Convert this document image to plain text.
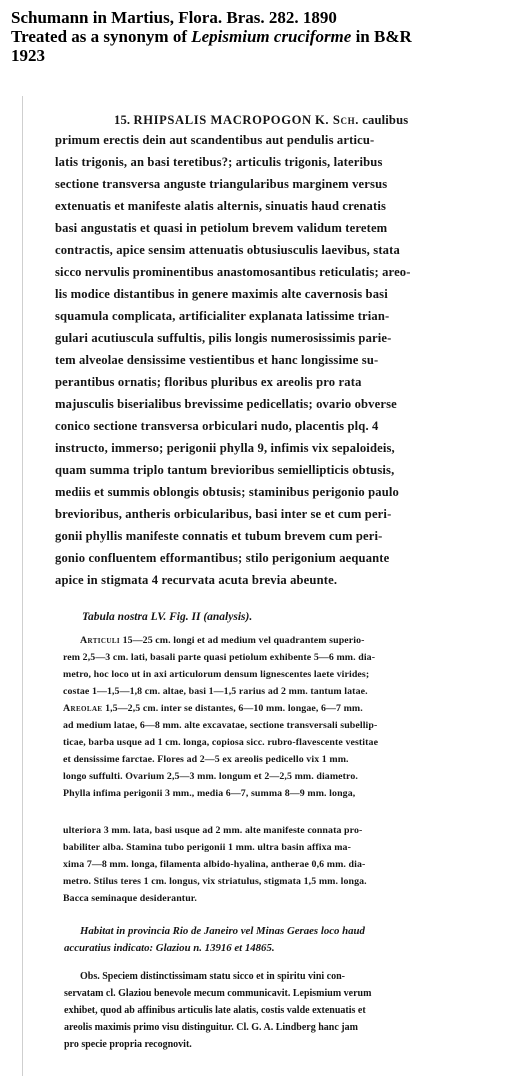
Schumann in Martius, Flora. Bras. 282. 1890
Treated as a synonym of Lepismium cruciforme in B&R
1923
15. RHIPSALIS MACROPOGON K. Sch. caulibus
primum erectis dein aut scandentibus aut pendulis articu-
latis trigonis, an basi teretibus?; articulis trigonis, lateribus
sectione transversa anguste triangularibus marginem versus
extenuatis et manifeste alatis alternis, sinuatis haud crenatis
basi angustatis et quasi in petiolum brevem validum teretem
contractis, apice sensim attenuatis obtusiusculis laevibus, stata
sicco nervulis prominentibus anastomosantibus reticulatis; areo-
lis modice distantibus in genere maximis alte cavernosis basi
squamula complicata, artificialiter explanata latissime trian-
gulari acutiuscula suffultis, pilis longis numerosissimis parie-
tem alveolae densissime vestientibus et hanc longissime su-
perantibus ornatis; floribus pluribus ex areolis pro rata
majusculis biserialibus brevissime pedicellatis; ovario obverse
conico sectione transversa orbiculari nudo, placentis plq. 4
instructo, immerso; perigonii phylla 9, infimis vix sepaloideis,
quam summa triplo tantum brevioribus semiellipticis obtusis,
mediis et summis oblongis obtusis; staminibus perigonio paulo
brevioribus, antheris orbicularibus, basi inter se et cum peri-
gonii phyllis manifeste connatis et tubum brevem cum peri-
gonio confluentem efformantibus; stilo perigonium aequante
apice in stigmata 4 recurvata acuta brevia abeunte.
Tabula nostra LV. Fig. II (analysis).
Articuli 15—25 cm. longi et ad medium vel quadrantem superio-
rem 2,5—3 cm. lati, basali parte quasi petiolum exhibente 5—6 mm. dia-
metro, hoc loco ut in axi articulorum densum lignescentes laete virides;
costae 1—1,5—1,8 cm. altae, basi 1—1,5 rarius ad 2 mm. tantum latae.
Areolae 1,5—2,5 cm. inter se distantes, 6—10 mm. longae, 6—7 mm.
ad medium latae, 6—8 mm. alte excavatae, sectione transversali subellip-
ticae, barba usque ad 1 cm. longa, copiosa sicc. rubro-flavescente vestitae
et densissime farctae. Flores ad 2—5 ex areolis pedicello vix 1 mm.
longo suffulti. Ovarium 2,5—3 mm. longum et 2—2,5 mm. diametro.
Phylla infima perigonii 3 mm., media 6—7, summa 8—9 mm. longa,
ulteriora 3 mm. lata, basi usque ad 2 mm. alte manifeste connata pro-
babiliter alba. Stamina tubo perigonii 1 mm. ultra basin affixa ma-
xima 7—8 mm. longa, filamenta albido-hyalina, antherae 0,6 mm. dia-
metro. Stilus teres 1 cm. longus, vix striatulus, stigmata 1,5 mm. longa.
Bacca seminaque desiderantur.
Habitat in provincia Rio de Janeiro vel Minas Geraes loco haud
accuratius indicato: Glaziou n. 13916 et 14865.
Obs. Speciem distinctissimam statu sicco et in spiritu vini con-
servatam cl. Glaziou benevole mecum communicavit. Lepismium verum
exhibet, quod ab affinibus articulis late alatis, costis valde extenuatis et
areolis maximis primo visu distinguitur. Cl. G. A. Lindberg hanc jam
pro specie propria recognovit.
